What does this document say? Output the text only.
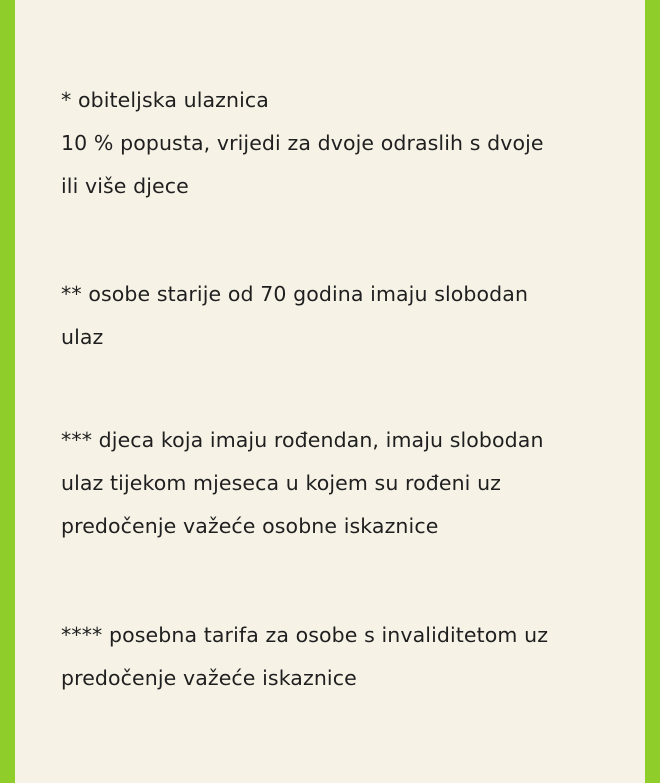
* obiteljska ulaznica
10 % popusta, vrijedi za dvoje odraslih s dvoje
ili više djece

** osobe starije od 70 godina imaju slobodan
ulaz

*** djeca koja imaju rođendan, imaju slobodan
ulaz tijekom mjeseca u kojem su rođeni uz
predočenje važeće osobne iskaznice

**** posebna tarifa za osobe s invaliditetom uz
predočenje važeće iskaznice
